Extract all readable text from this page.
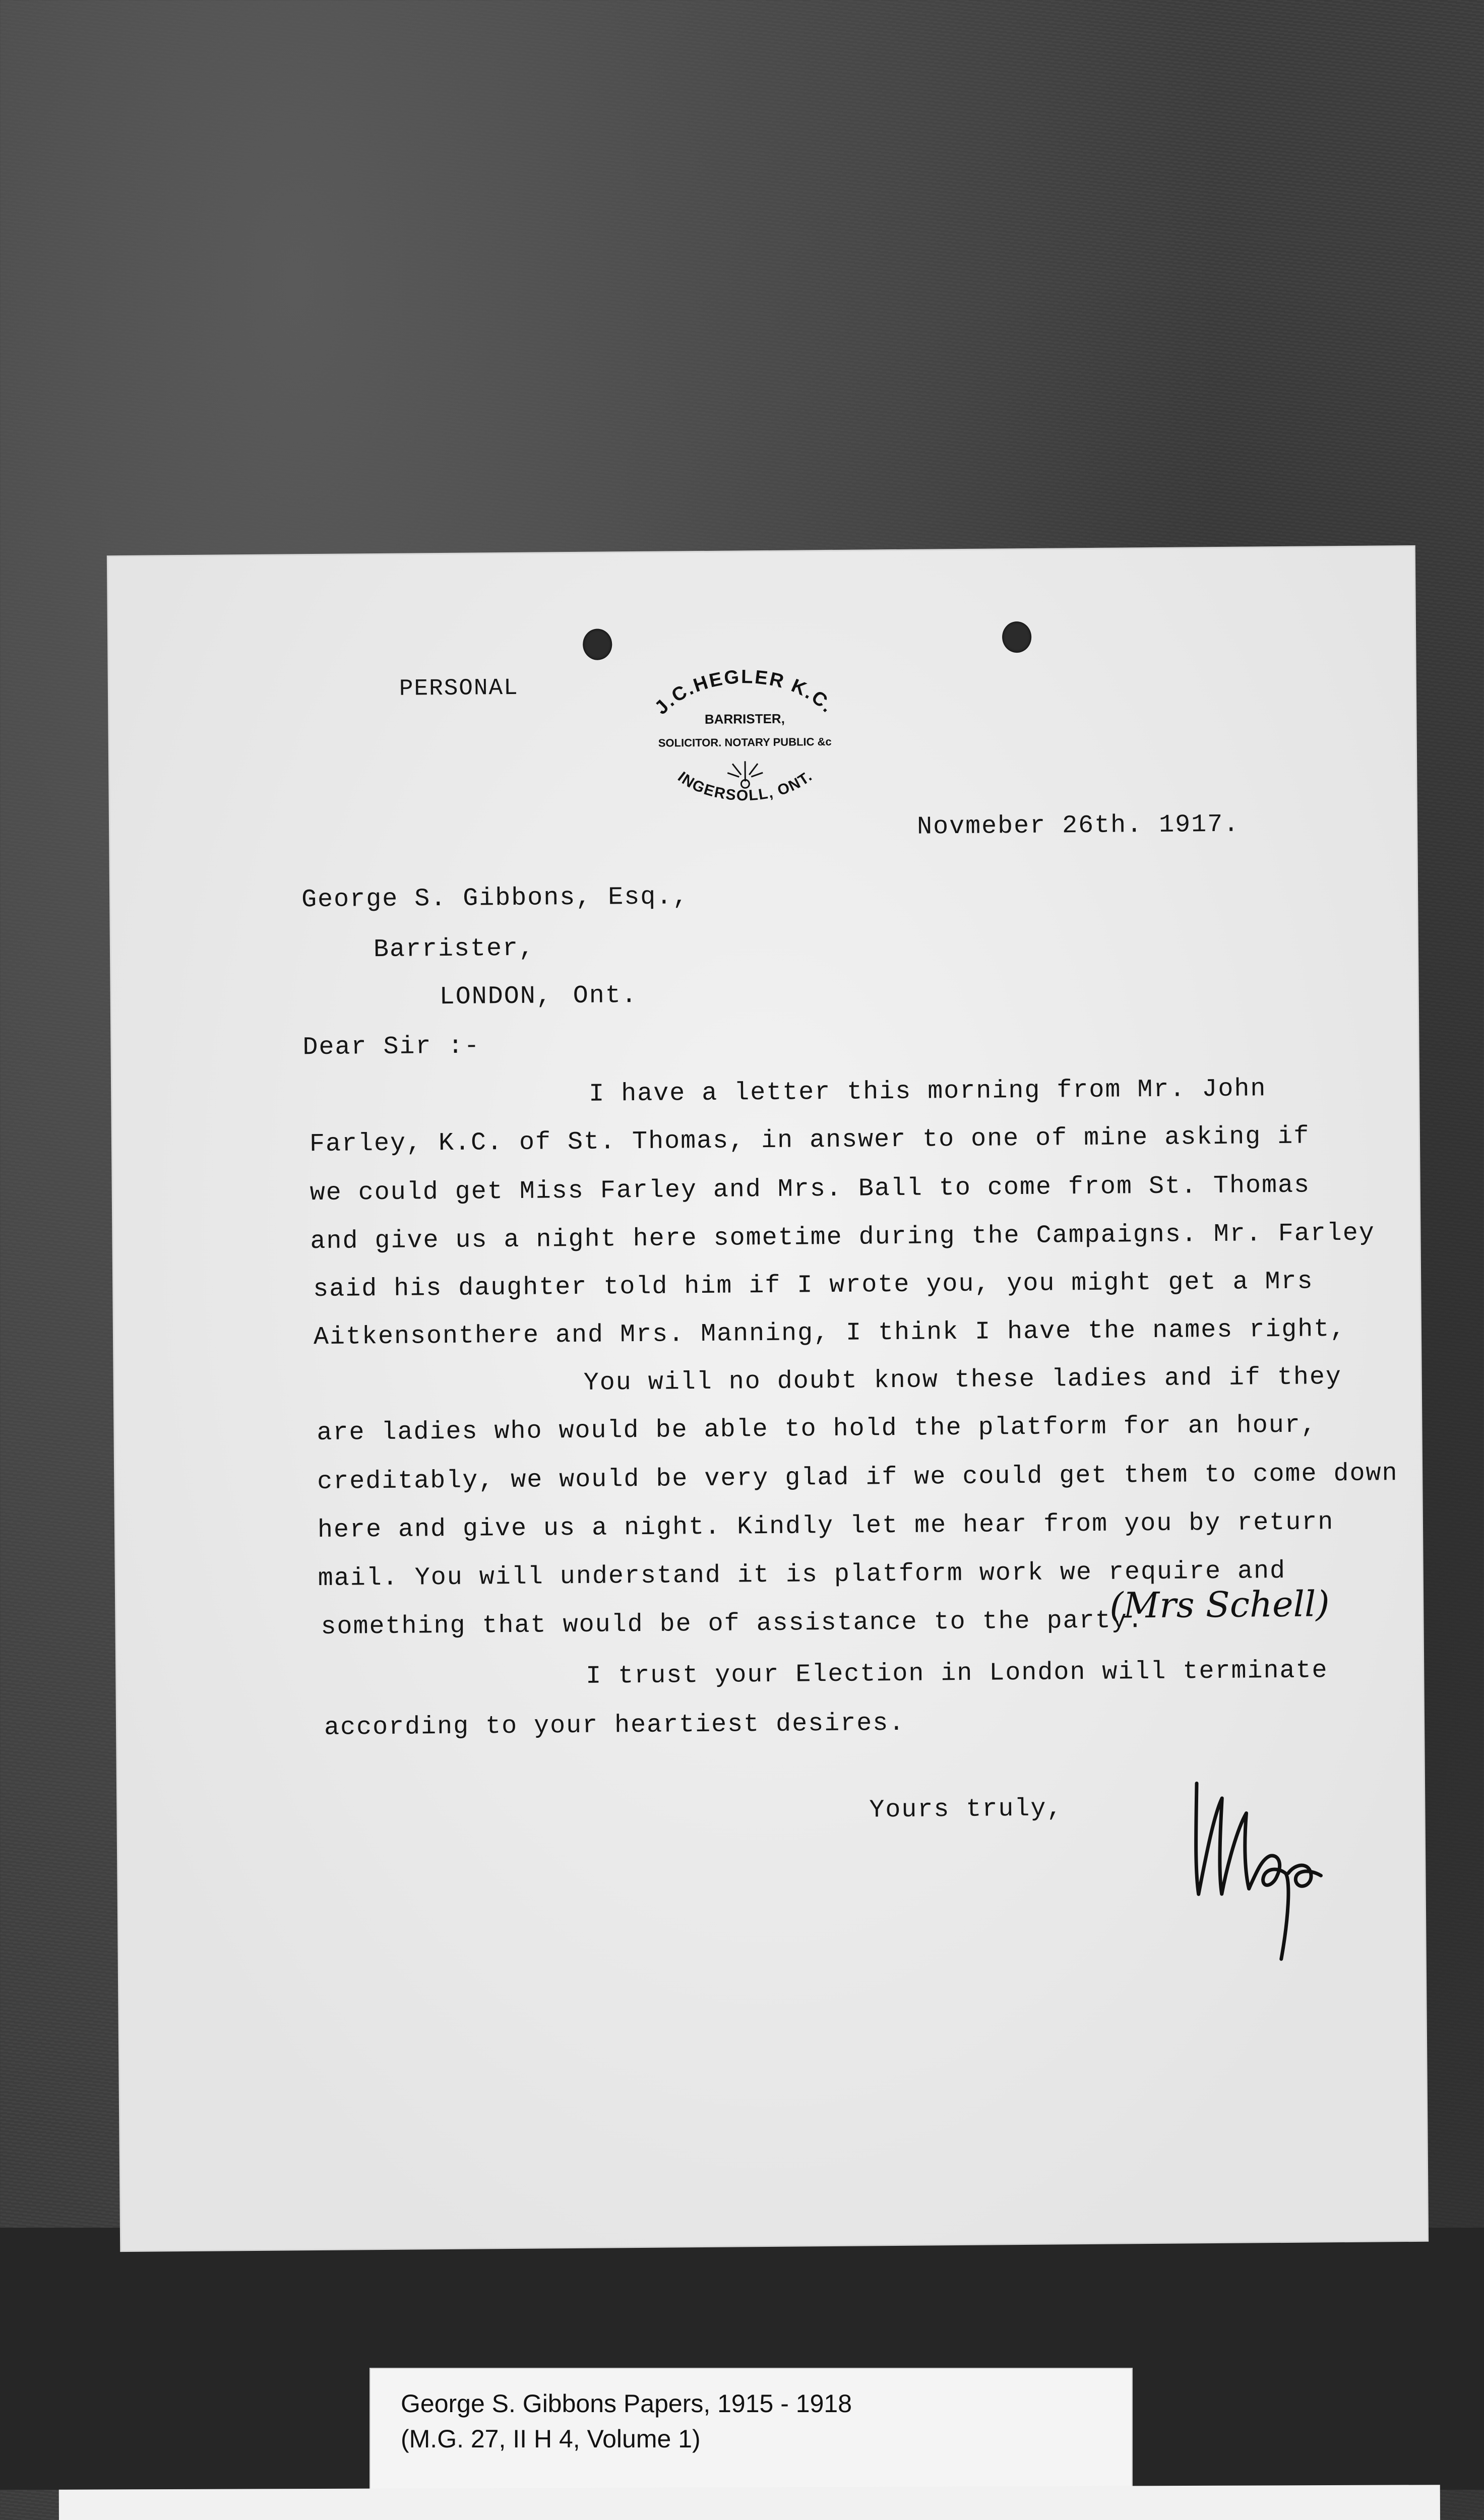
PERSONAL
J.C.HEGLER K.C.
BARRISTER,
SOLICITOR. NOTARY PUBLIC &c
INGERSOLL, ONT.
Novmeber 26th. 1917.
George S. Gibbons, Esq.,
Barrister,
LONDON, Ont.
Dear Sir :-
I have a letter this morning from Mr. John
Farley, K.C. of St. Thomas, in answer to one of mine asking if
we could get Miss Farley and Mrs. Ball to come from St. Thomas
and give us a night here sometime during the Campaigns. Mr. Farley
said his daughter told him if I wrote you, you might get a Mrs
Aitkensonthere and Mrs. Manning, I think I have the names right,
You will no doubt know these ladies and if they
are ladies who would be able to hold the platform for an hour,
creditably, we would be very glad if we could get them to come down
here and give us a night. Kindly let me hear from you by return
mail. You will understand it is platform work we require and
something that would be of assistance to the party.
(Mrs Schell)
I trust your Election in London will terminate
according to your heartiest desires.
Yours truly,
George S. Gibbons Papers, 1915 - 1918
(M.G. 27, II H 4, Volume 1)
